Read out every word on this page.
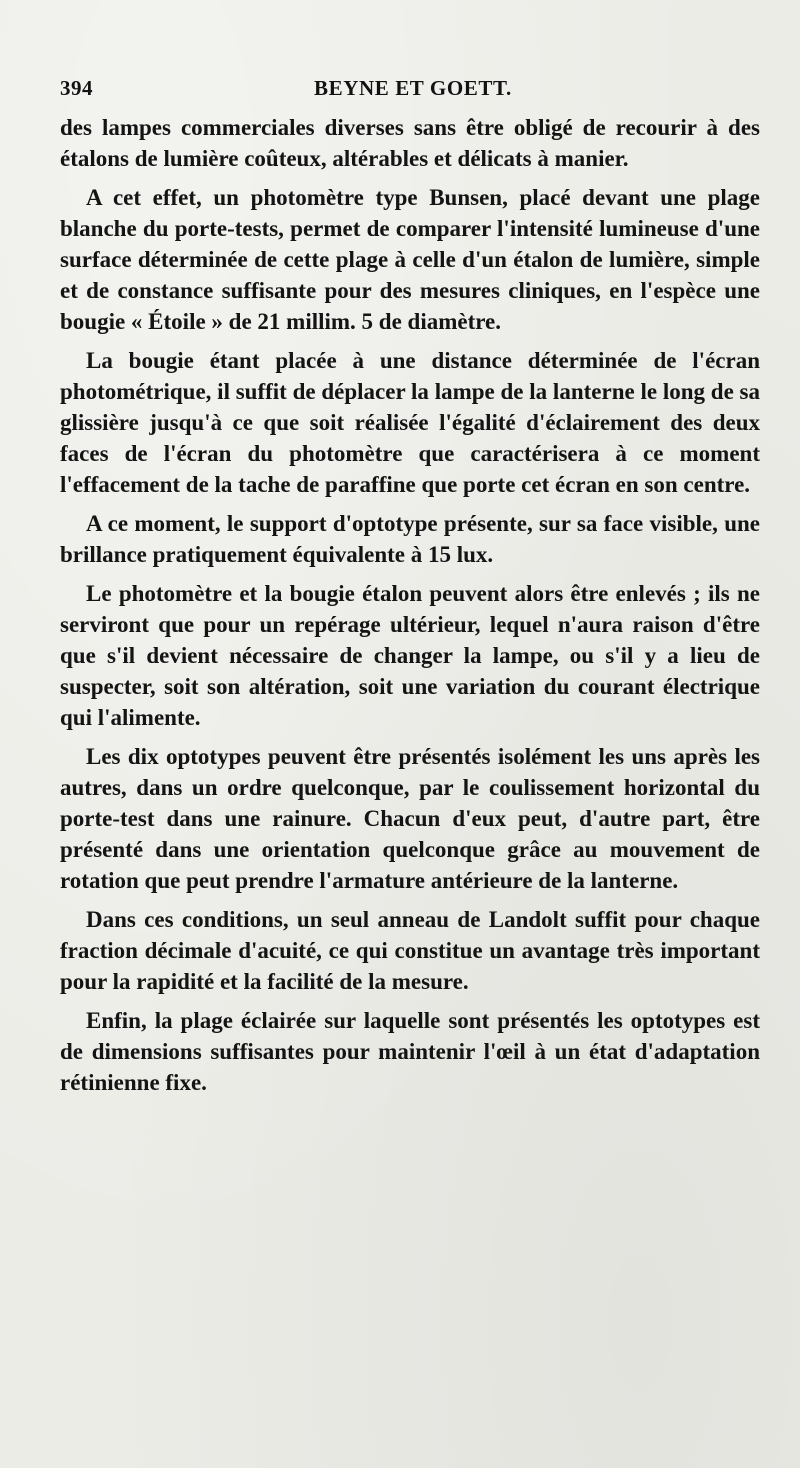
394	BEYNE ET GOETT.

des lampes commerciales diverses sans être obligé de recourir à des étalons de lumière coûteux, altérables et délicats à manier.

A cet effet, un photomètre type Bunsen, placé devant une plage blanche du porte-tests, permet de comparer l'intensité lumineuse d'une surface déterminée de cette plage à celle d'un étalon de lumière, simple et de constance suffisante pour des mesures cliniques, en l'espèce une bougie « Étoile » de 21 millim. 5 de diamètre.

La bougie étant placée à une distance déterminée de l'écran photométrique, il suffit de déplacer la lampe de la lanterne le long de sa glissière jusqu'à ce que soit réalisée l'égalité d'éclairement des deux faces de l'écran du photomètre que caractérisera à ce moment l'effacement de la tache de paraffine que porte cet écran en son centre.

A ce moment, le support d'optotype présente, sur sa face visible, une brillance pratiquement équivalente à 15 lux.

Le photomètre et la bougie étalon peuvent alors être enlevés ; ils ne serviront que pour un repérage ultérieur, lequel n'aura raison d'être que s'il devient nécessaire de changer la lampe, ou s'il y a lieu de suspecter, soit son altération, soit une variation du courant électrique qui l'alimente.

Les dix optotypes peuvent être présentés isolément les uns après les autres, dans un ordre quelconque, par le coulissement horizontal du porte-test dans une rainure. Chacun d'eux peut, d'autre part, être présenté dans une orientation quelconque grâce au mouvement de rotation que peut prendre l'armature antérieure de la lanterne.

Dans ces conditions, un seul anneau de Landolt suffit pour chaque fraction décimale d'acuité, ce qui constitue un avantage très important pour la rapidité et la facilité de la mesure.

Enfin, la plage éclairée sur laquelle sont présentés les optotypes est de dimensions suffisantes pour maintenir l'œil à un état d'adaptation rétinienne fixe.
